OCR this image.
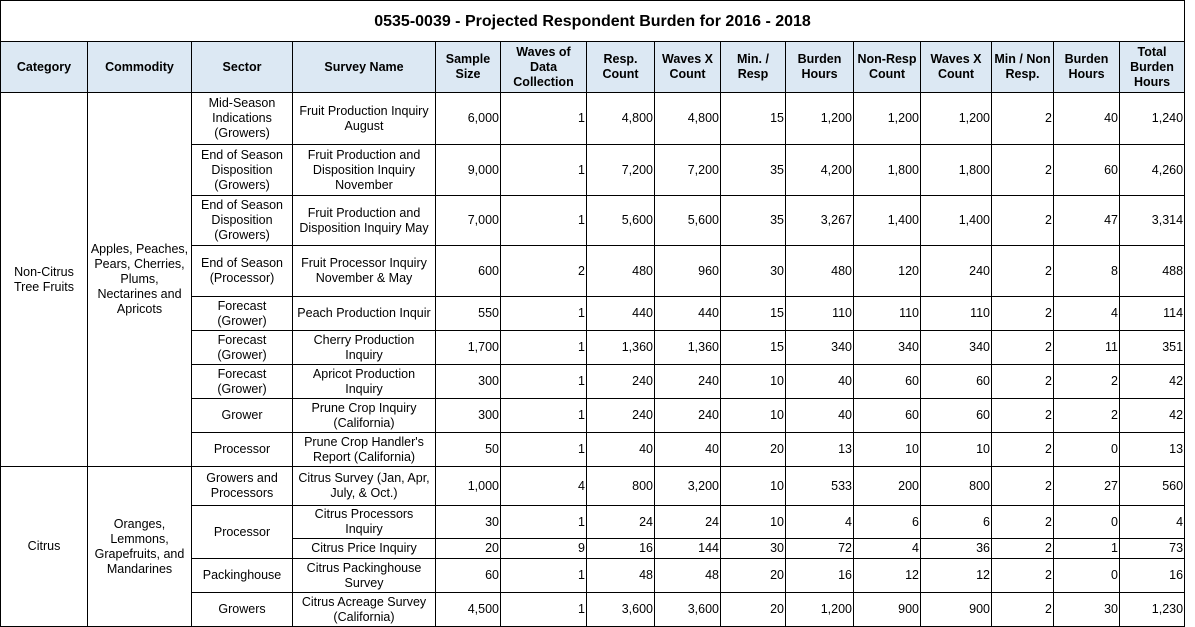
0535-0039 - Projected Respondent Burden for 2016 - 2018														
Category	Commodity	Sector	Survey Name	Sample Size	Waves of Data Collection	Resp. Count	Waves X Count	Min. / Resp	Burden Hours	Non-Resp Count	Waves X Count	Min / Non Resp.	Burden Hours	Total Burden Hours
Non-Citrus Tree Fruits	Apples, Peaches, Pears, Cherries, Plums, Nectarines and Apricots	Mid-Season Indications (Growers)	Fruit Production Inquiry August	6,000	1	4,800	4,800	15	1,200	1,200	1,200	2	40	1,240
		End of Season Disposition (Growers)	Fruit Production and Disposition Inquiry November	9,000	1	7,200	7,200	35	4,200	1,800	1,800	2	60	4,260
		End of Season Disposition (Growers)	Fruit Production and Disposition Inquiry May	7,000	1	5,600	5,600	35	3,267	1,400	1,400	2	47	3,314
		End of Season (Processor)	Fruit Processor Inquiry November & May	600	2	480	960	30	480	120	240	2	8	488
		Forecast (Grower)	Peach Production Inquir	550	1	440	440	15	110	110	110	2	4	114
		Forecast (Grower)	Cherry Production Inquiry	1,700	1	1,360	1,360	15	340	340	340	2	11	351
		Forecast (Grower)	Apricot Production Inquiry	300	1	240	240	10	40	60	60	2	2	42
		Grower	Prune Crop Inquiry (California)	300	1	240	240	10	40	60	60	2	2	42
		Processor	Prune Crop Handler's Report (California)	50	1	40	40	20	13	10	10	2	0	13
Citrus	Oranges, Lemmons, Grapefruits, and Mandarines	Growers and Processors	Citrus Survey (Jan, Apr, July, & Oct.)	1,000	4	800	3,200	10	533	200	800	2	27	560
		Processor	Citrus Processors Inquiry	30	1	24	24	10	4	6	6	2	0	4
			Citrus Price Inquiry	20	9	16	144	30	72	4	36	2	1	73
		Packinghouse	Citrus Packinghouse Survey	60	1	48	48	20	16	12	12	2	0	16
		Growers	Citrus Acreage Survey (California)	4,500	1	3,600	3,600	20	1,200	900	900	2	30	1,230
